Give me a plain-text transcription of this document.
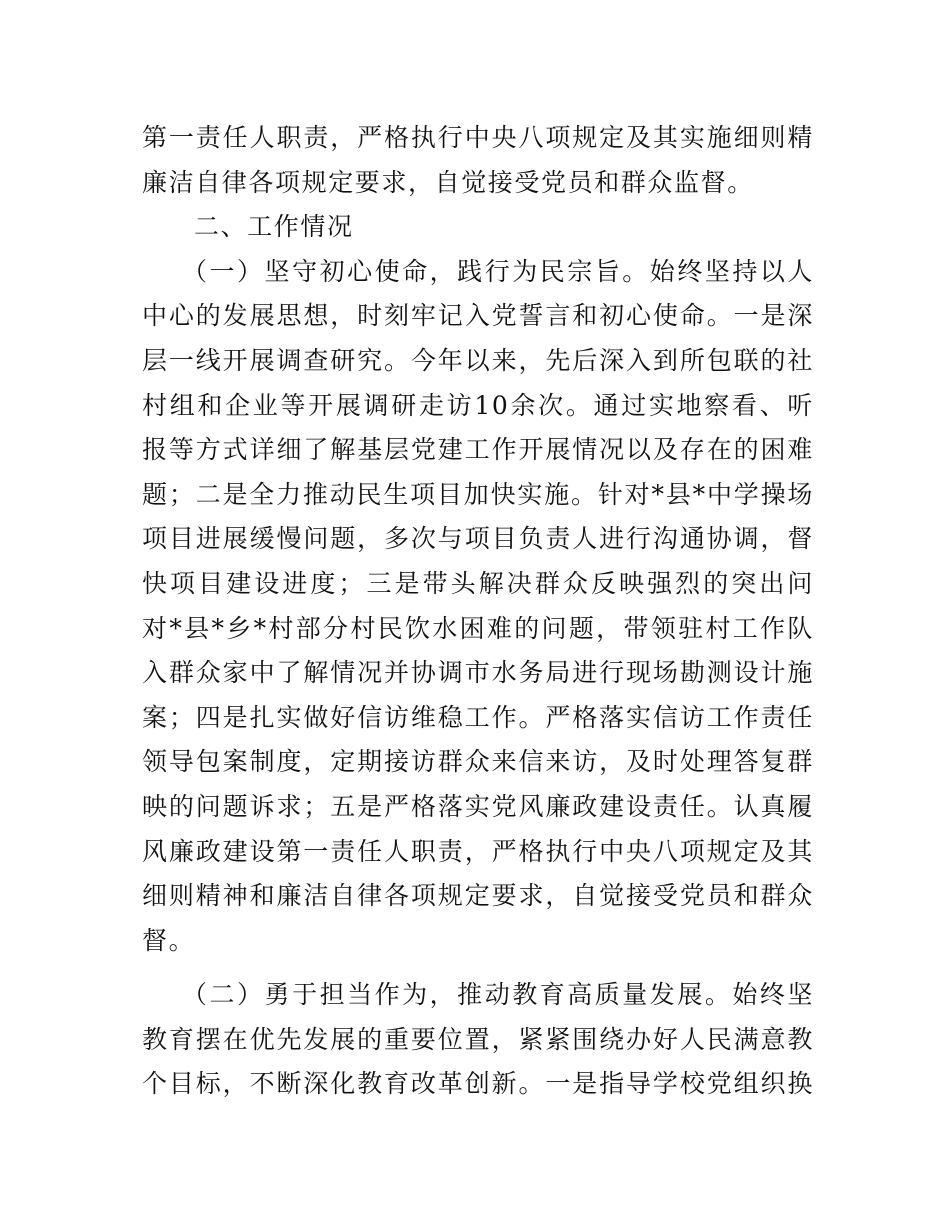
第一责任人职责，严格执行中央八项规定及其实施细则精
廉洁自律各项规定要求，自觉接受党员和群众监督。
二、工作情况
（一）坚守初心使命，践行为民宗旨。始终坚持以人
中心的发展思想，时刻牢记入党誓言和初心使命。一是深
层一线开展调查研究。今年以来，先后深入到所包联的社
村组和企业等开展调研走访10余次。通过实地察看、听
报等方式详细了解基层党建工作开展情况以及存在的困难
题；二是全力推动民生项目加快实施。针对*县*中学操场
项目进展缓慢问题，多次与项目负责人进行沟通协调，督
快项目建设进度；三是带头解决群众反映强烈的突出问
对*县*乡*村部分村民饮水困难的问题，带领驻村工作队
入群众家中了解情况并协调市水务局进行现场勘测设计施
案；四是扎实做好信访维稳工作。严格落实信访工作责任
领导包案制度，定期接访群众来信来访，及时处理答复群
映的问题诉求；五是严格落实党风廉政建设责任。认真履
风廉政建设第一责任人职责，严格执行中央八项规定及其
细则精神和廉洁自律各项规定要求，自觉接受党员和群众
督。
（二）勇于担当作为，推动教育高质量发展。始终坚
教育摆在优先发展的重要位置，紧紧围绕办好人民满意教
个目标，不断深化教育改革创新。一是指导学校党组织换
